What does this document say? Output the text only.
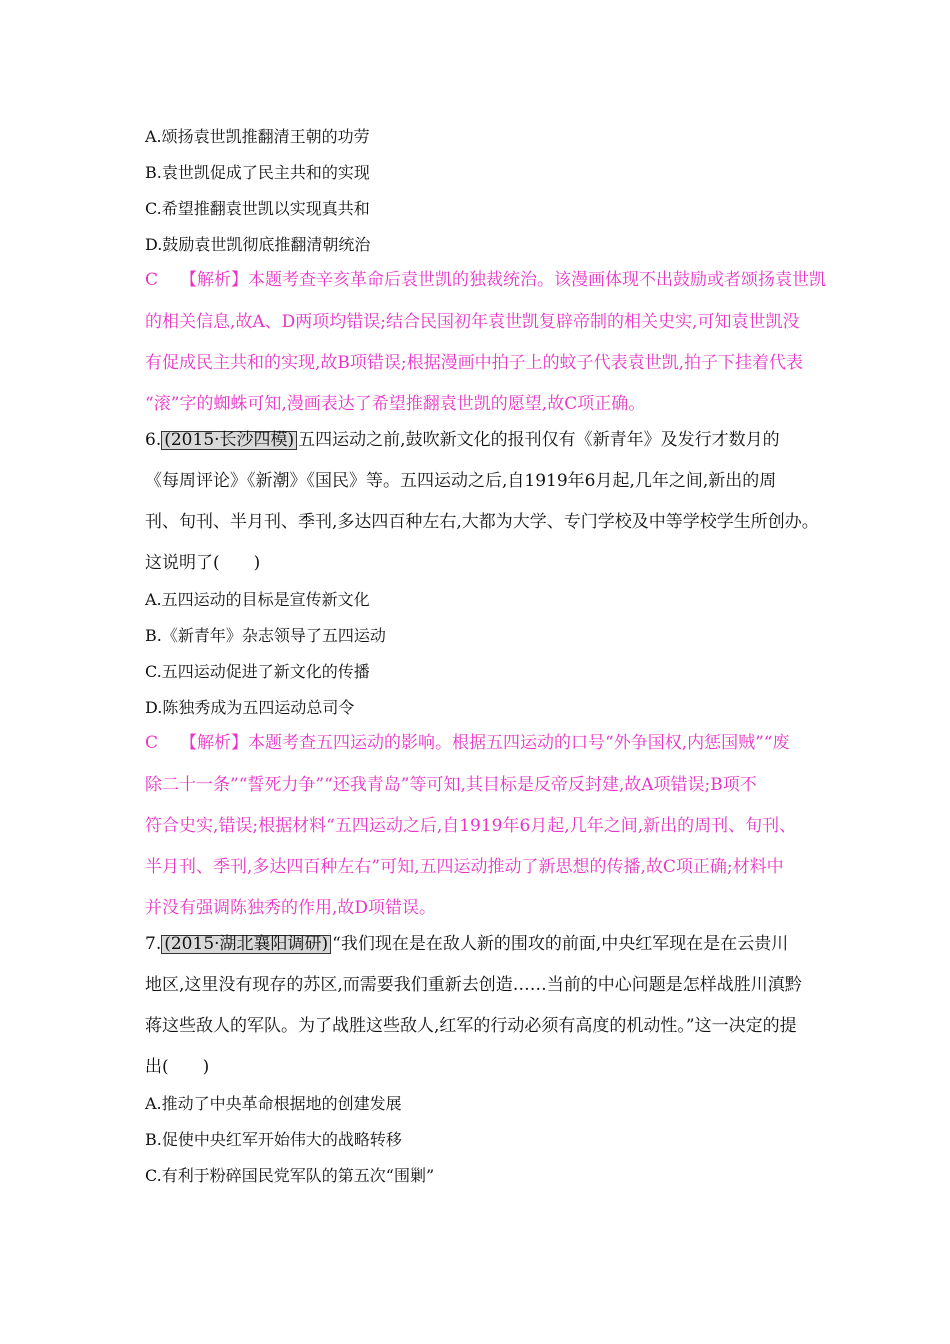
A.颂扬袁世凯推翻清王朝的功劳
B.袁世凯促成了民主共和的实现
C.希望推翻袁世凯以实现真共和
D.鼓励袁世凯彻底推翻清朝统治
C 【解析】本题考查辛亥革命后袁世凯的独裁统治。该漫画体现不出鼓励或者颂扬袁世凯
的相关信息,故A、D两项均错误;结合民国初年袁世凯复辟帝制的相关史实,可知袁世凯没
有促成民主共和的实现,故B项错误;根据漫画中拍子上的蚊子代表袁世凯,拍子下挂着代表
“滚”字的蜘蛛可知,漫画表达了希望推翻袁世凯的愿望,故C项正确。
6. (2015·长沙四模) 五四运动之前,鼓吹新文化的报刊仅有《新青年》及发行才数月的
《每周评论》《新潮》《国民》等。五四运动之后,自1919年6月起,几年之间,新出的周
刊、旬刊、半月刊、季刊,多达四百种左右,大都为大学、专门学校及中等学校学生所创办。
这说明了(　　)
A.五四运动的目标是宣传新文化
B.《新青年》杂志领导了五四运动
C.五四运动促进了新文化的传播
D.陈独秀成为五四运动总司令
C 【解析】本题考查五四运动的影响。根据五四运动的口号“外争国权,内惩国贼”“废
除二十一条”“誓死力争”“还我青岛”等可知,其目标是反帝反封建,故A项错误;B项不
符合史实,错误;根据材料“五四运动之后,自1919年6月起,几年之间,新出的周刊、旬刊、
半月刊、季刊,多达四百种左右”可知,五四运动推动了新思想的传播,故C项正确;材料中
并没有强调陈独秀的作用,故D项错误。
7. (2015·湖北襄阳调研) “我们现在是在敌人新的围攻的前面,中央红军现在是在云贵川
地区,这里没有现存的苏区,而需要我们重新去创造……当前的中心问题是怎样战胜川滇黔
蒋这些敌人的军队。为了战胜这些敌人,红军的行动必须有高度的机动性。”这一决定的提
出(　　)
A.推动了中央革命根据地的创建发展
B.促使中央红军开始伟大的战略转移
C.有利于粉碎国民党军队的第五次“围剿”
